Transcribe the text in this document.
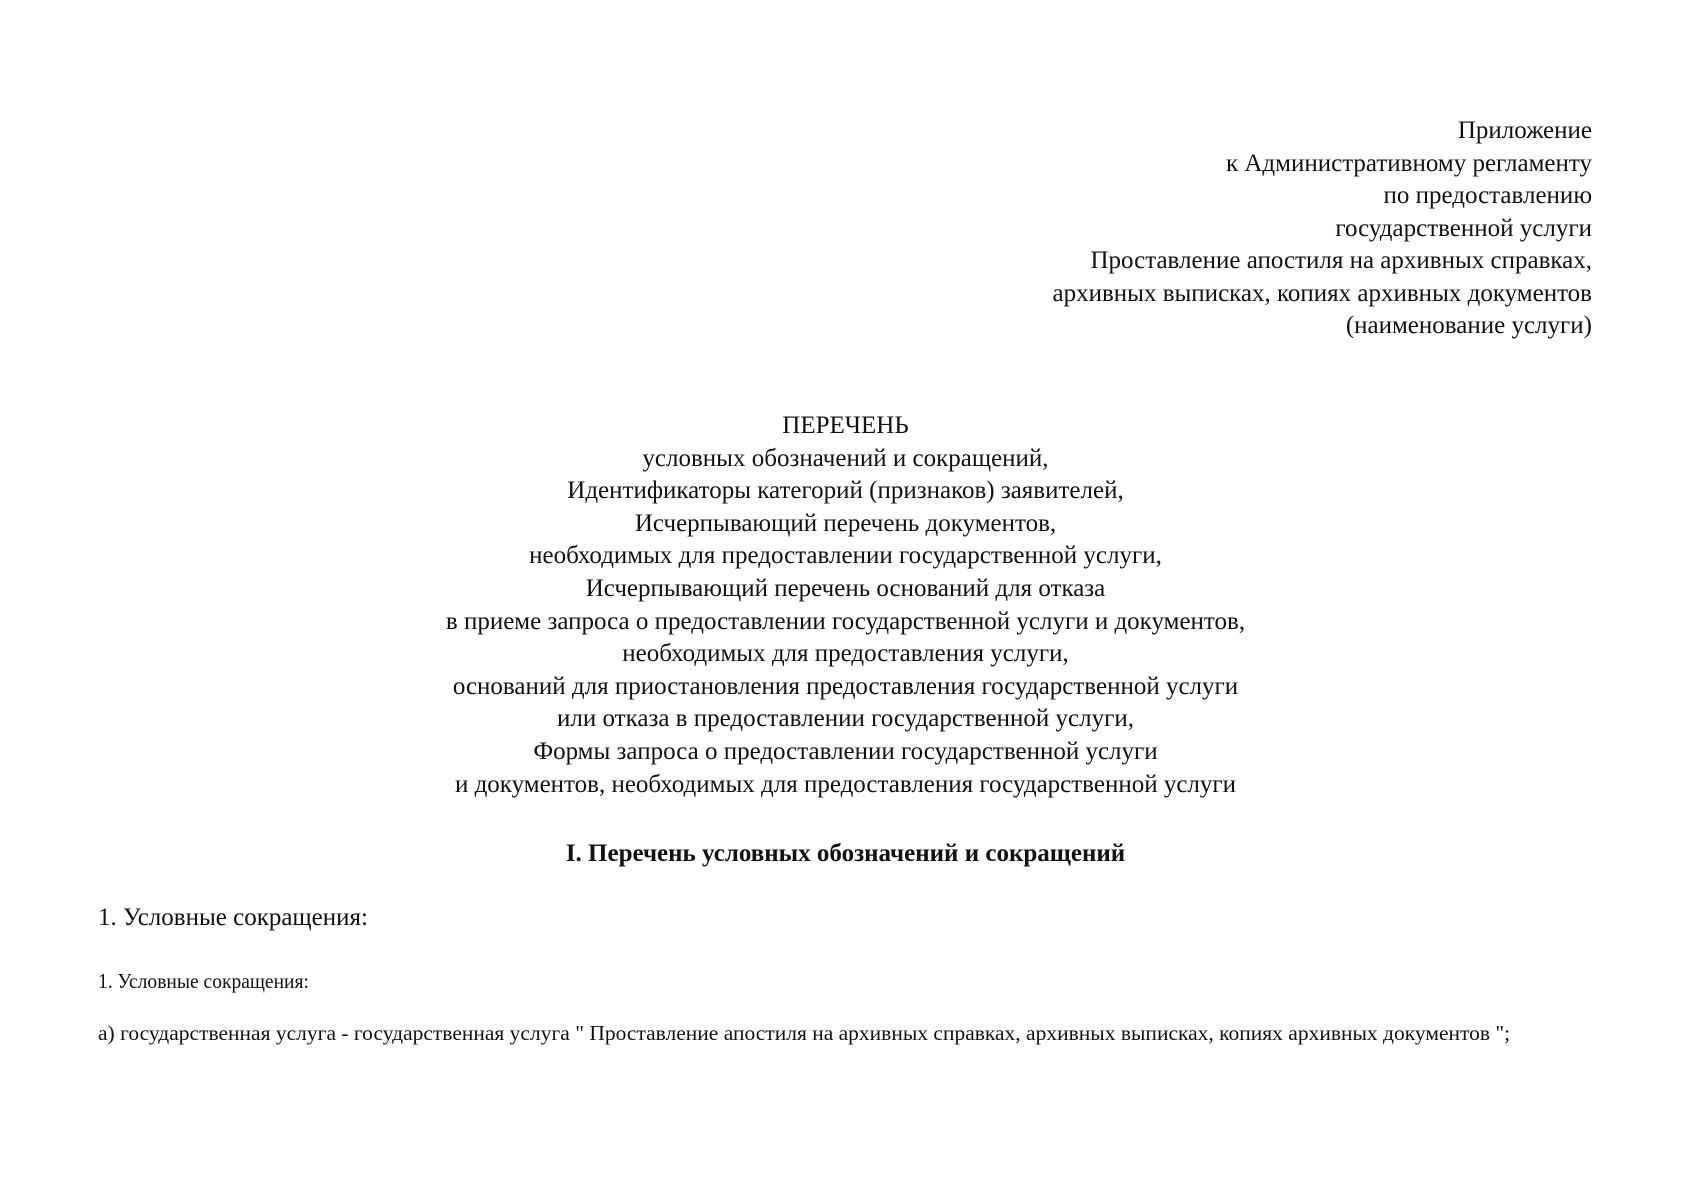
Приложение
к Административному регламенту
по предоставлению
государственной услуги
Проставление апостиля на архивных справках,
архивных выписках, копиях архивных документов
(наименование услуги)
ПЕРЕЧЕНЬ
условных обозначений и сокращений,
Идентификаторы категорий (признаков) заявителей,
Исчерпывающий перечень документов,
необходимых для предоставлении государственной услуги,
Исчерпывающий перечень оснований для отказа
в приеме запроса о предоставлении государственной услуги и документов,
необходимых для предоставления услуги,
оснований для приостановления предоставления государственной услуги
или отказа в предоставлении государственной услуги,
Формы запроса о предоставлении государственной услуги
и документов, необходимых для предоставления государственной услуги
I. Перечень условных обозначений и сокращений
1. Условные сокращения:
1. Условные сокращения:
а) государственная услуга - государственная услуга " Проставление апостиля на архивных справках, архивных выписках, копиях архивных документов ";
